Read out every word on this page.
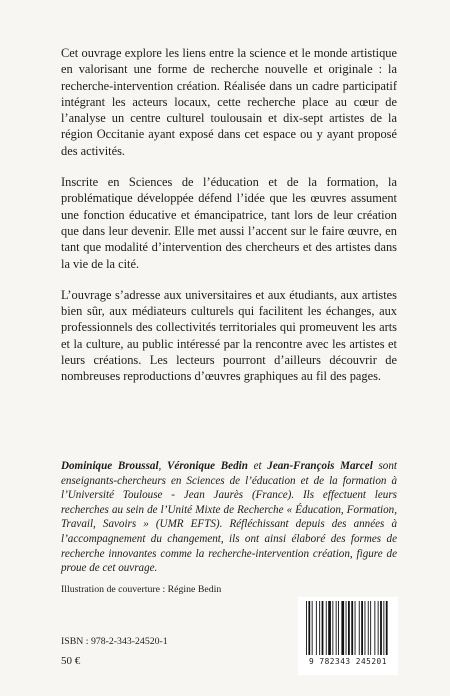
Cet ouvrage explore les liens entre la science et le monde artistique en valorisant une forme de recherche nouvelle et originale : la recherche-intervention création. Réalisée dans un cadre participatif intégrant les acteurs locaux, cette recherche place au cœur de l’analyse un centre culturel toulousain et dix-sept artistes de la région Occitanie ayant exposé dans cet espace ou y ayant proposé des activités.

Inscrite en Sciences de l’éducation et de la formation, la problématique développée défend l’idée que les œuvres assument une fonction éducative et émancipatrice, tant lors de leur création que dans leur devenir. Elle met aussi l’accent sur le faire œuvre, en tant que modalité d’intervention des chercheurs et des artistes dans la vie de la cité.

L’ouvrage s’adresse aux universitaires et aux étudiants, aux artistes bien sûr, aux médiateurs culturels qui facilitent les échanges, aux professionnels des collectivités territoriales qui promeuvent les arts et la culture, au public intéressé par la rencontre avec les artistes et leurs créations. Les lecteurs pourront d’ailleurs découvrir de nombreuses reproductions d’œuvres graphiques au fil des pages.

Dominique Broussal, Véronique Bedin et Jean-François Marcel sont enseignants-chercheurs en Sciences de l’éducation et de la formation à l’Université Toulouse - Jean Jaurès (France). Ils effectuent leurs recherches au sein de l’Unité Mixte de Recherche « Éducation, Formation, Travail, Savoirs » (UMR EFTS). Réfléchissant depuis des années à l’accompagnement du changement, ils ont ainsi élaboré des formes de recherche innovantes comme la recherche-intervention création, figure de proue de cet ouvrage.

Illustration de couverture : Régine Bedin
ISBN : 978-2-343-24520-1
50 €	9 782343 245201
